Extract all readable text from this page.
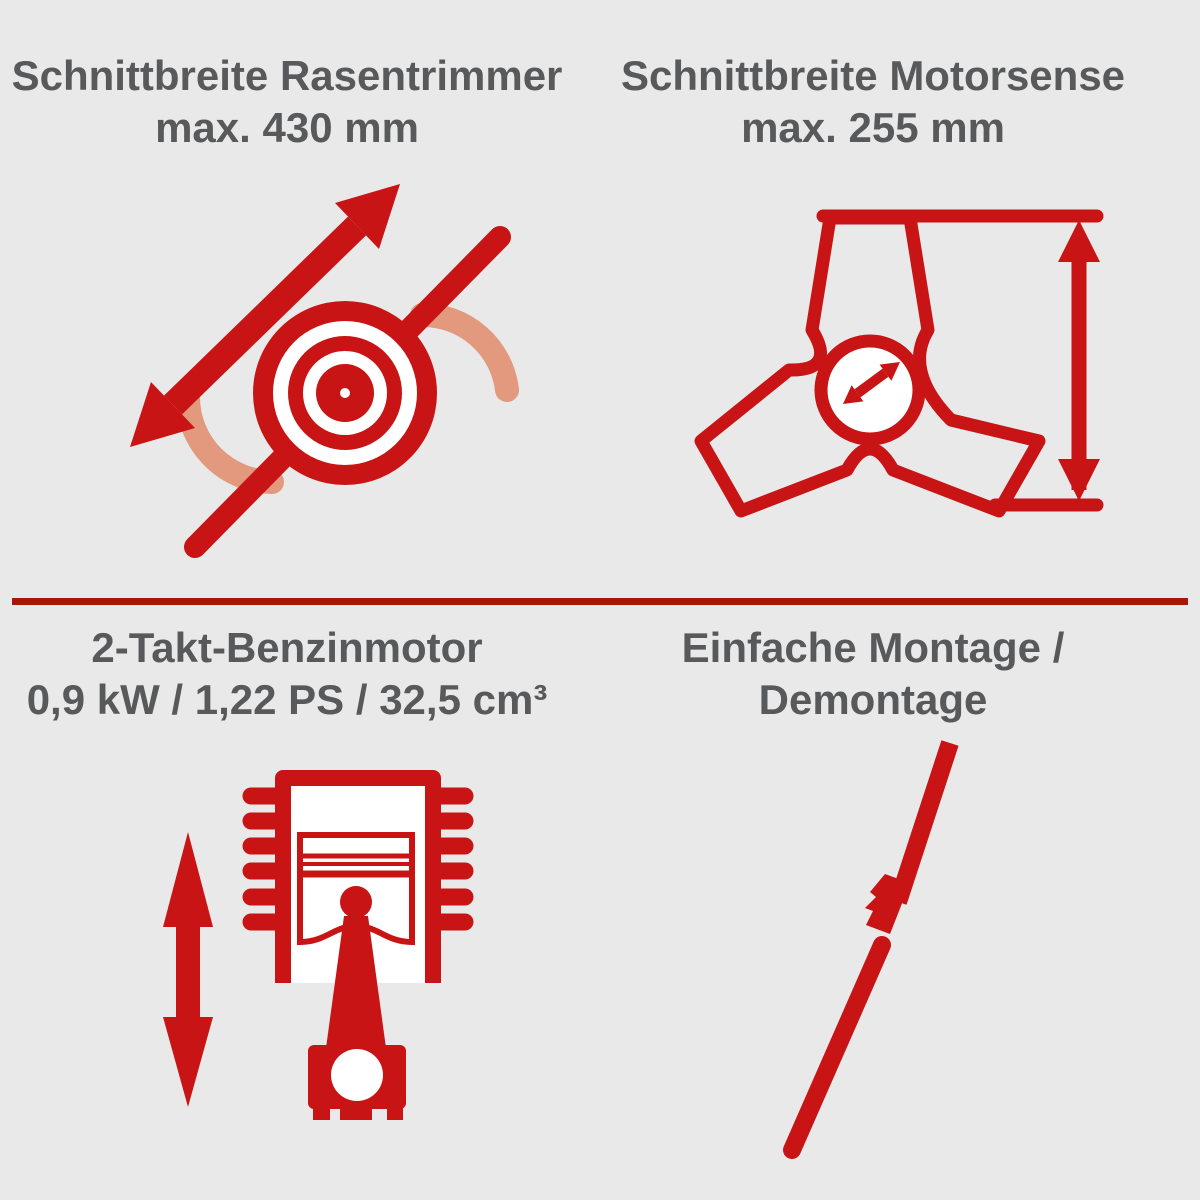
Schnittbreite Rasentrimmer
max. 430 mm
Schnittbreite Motorsense
max. 255 mm
2-Takt-Benzinmotor
0,9 kW / 1,22 PS / 32,5 cm³
Einfache Montage /
Demontage
